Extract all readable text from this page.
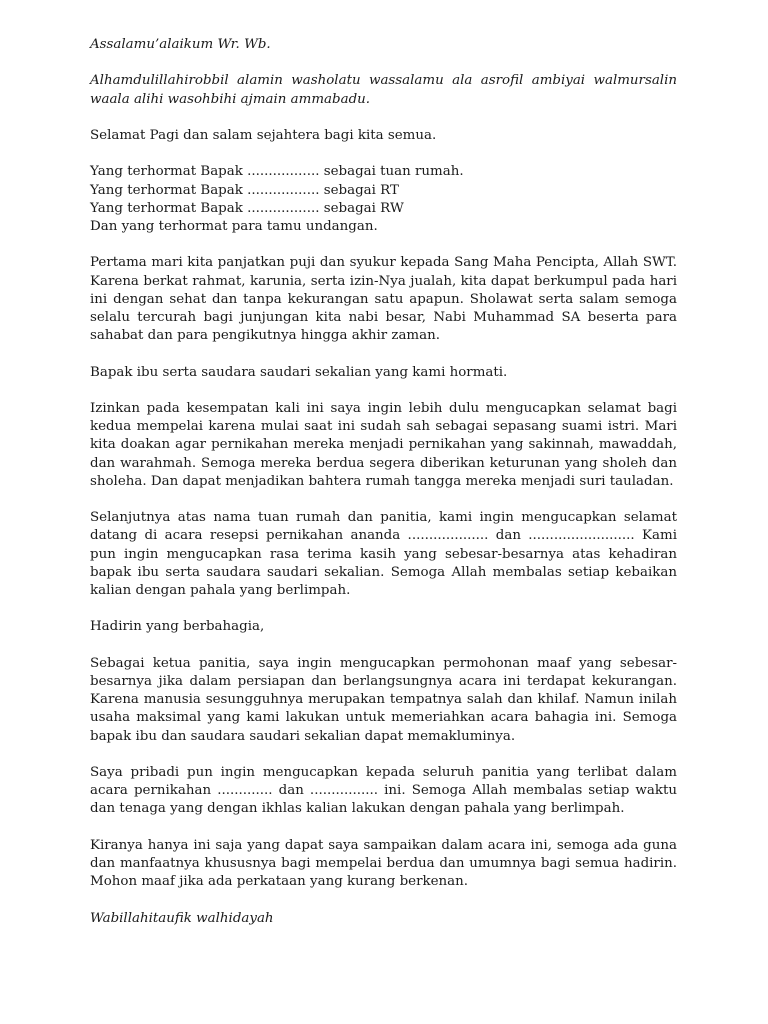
Assalamu’alaikum Wr. Wb.

Alhamdulillahirobbil alamin washolatu wassalamu ala asrofil ambiyai walmursalin waala alihi wasohbihi ajmain ammabadu.

Selamat Pagi dan salam sejahtera bagi kita semua.

Yang terhormat Bapak ................. sebagai tuan rumah.
Yang terhormat Bapak ................. sebagai RT
Yang terhormat Bapak ................. sebagai RW
Dan yang terhormat para tamu undangan.

Pertama mari kita panjatkan puji dan syukur kepada Sang Maha Pencipta, Allah SWT. Karena berkat rahmat, karunia, serta izin-Nya jualah, kita dapat berkumpul pada hari ini dengan sehat dan tanpa kekurangan satu apapun. Sholawat serta salam semoga selalu tercurah bagi junjungan kita nabi besar, Nabi Muhammad SA beserta para sahabat dan para pengikutnya hingga akhir zaman.

Bapak ibu serta saudara saudari sekalian yang kami hormati.

Izinkan pada kesempatan kali ini saya ingin lebih dulu mengucapkan selamat bagi kedua mempelai karena mulai saat ini sudah sah sebagai sepasang suami istri. Mari kita doakan agar pernikahan mereka menjadi pernikahan yang sakinnah, mawaddah, dan warahmah. Semoga mereka berdua segera diberikan keturunan yang sholeh dan sholeha. Dan dapat menjadikan bahtera rumah tangga mereka menjadi suri tauladan.

Selanjutnya atas nama tuan rumah dan panitia, kami ingin mengucapkan selamat datang di acara resepsi pernikahan ananda ................... dan ......................... Kami pun ingin mengucapkan rasa terima kasih yang sebesar-besarnya atas kehadiran bapak ibu serta saudara saudari sekalian. Semoga Allah membalas setiap kebaikan kalian dengan pahala yang berlimpah.

Hadirin yang berbahagia,

Sebagai ketua panitia, saya ingin mengucapkan permohonan maaf yang sebesar-besarnya jika dalam persiapan dan berlangsungnya acara ini terdapat kekurangan. Karena manusia sesungguhnya merupakan tempatnya salah dan khilaf. Namun inilah usaha maksimal yang kami lakukan untuk memeriahkan acara bahagia ini. Semoga bapak ibu dan saudara saudari sekalian dapat memakluminya.

Saya pribadi pun ingin mengucapkan kepada seluruh panitia yang terlibat dalam acara pernikahan ............. dan ................ ini. Semoga Allah membalas setiap waktu dan tenaga yang dengan ikhlas kalian lakukan dengan pahala yang berlimpah.

Kiranya hanya ini saja yang dapat saya sampaikan dalam acara ini, semoga ada guna dan manfaatnya khususnya bagi mempelai berdua dan umumnya bagi semua hadirin. Mohon maaf jika ada perkataan yang kurang berkenan.

Wabillahitaufik walhidayah
